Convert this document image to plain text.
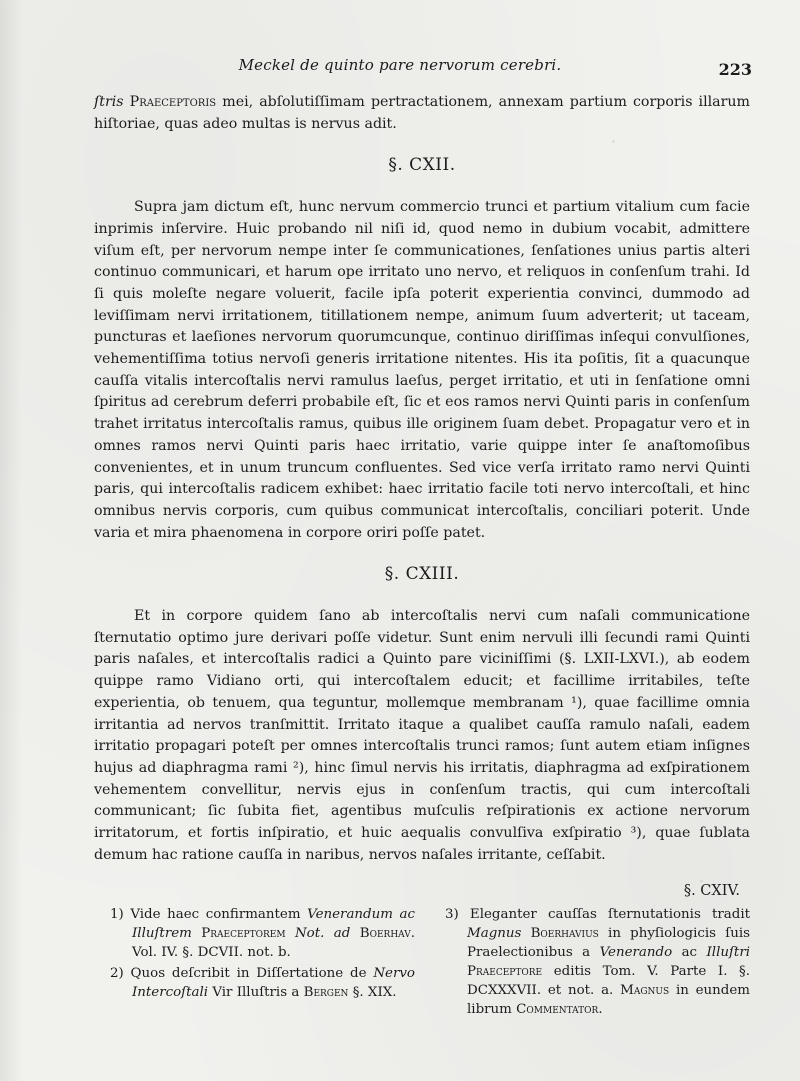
Meckel de quinto pare nervorum cerebri.	223

ſtris Praeceptoris mei, abſolutiſſimam pertractationem, annexam partium corporis illarum hiſtoriae, quas adeo multas is nervus adit.

§. CXII.

Supra jam dictum eſt, hunc nervum commercio trunci et partium vitalium cum facie inprimis inſervire. Huic probando nil niſi id, quod nemo in dubium vocabit, admittere viſum eſt, per nervorum nempe inter ſe communicationes, ſenſationes unius partis alteri continuo communicari, et harum ope irritato uno nervo, et reliquos in conſenſum trahi. Id ſi quis moleſte negare voluerit, facile ipſa poterit experientia convinci, dummodo ad leviſſimam nervi irritationem, titillationem nempe, animum ſuum adverterit; ut taceam, puncturas et laeſiones nervorum quorumcunque, continuo diriſſimas inſequi convulſiones, vehementiſſima totius nervoſi generis irritatione nitentes. His ita poſitis, ſit a quacunque cauſſa vitalis intercoſtalis nervi ramulus laeſus, perget irritatio, et uti in ſenſatione omni ſpiritus ad cerebrum deferri probabile eſt, ſic et eos ramos nervi Quinti paris in conſenſum trahet irritatus intercoſtalis ramus, quibus ille originem ſuam debet. Propagatur vero et in omnes ramos nervi Quinti paris haec irritatio, varie quippe inter ſe anaſtomoſibus convenientes, et in unum truncum confluentes. Sed vice verſa irritato ramo nervi Quinti paris, qui intercoſtalis radicem exhibet: haec irritatio facile toti nervo intercoſtali, et hinc omnibus nervis corporis, cum quibus communicat intercoſtalis, conciliari poterit. Unde varia et mira phaenomena in corpore oriri poſſe patet.

§. CXIII.

Et in corpore quidem ſano ab intercoſtalis nervi cum naſali communicatione ſternutatio optimo jure derivari poſſe videtur. Sunt enim nervuli illi ſecundi rami Quinti paris naſales, et intercoſtalis radici a Quinto pare viciniſſimi (§. LXII-LXVI.), ab eodem quippe ramo Vidiano orti, qui intercoſtalem educit; et facillime irritabiles, teſte experientia, ob tenuem, qua teguntur, mollemque membranam ¹), quae facillime omnia irritantia ad nervos tranſmittit. Irritato itaque a qualibet cauſſa ramulo naſali, eadem irritatio propagari poteſt per omnes intercoſtalis trunci ramos; ſunt autem etiam inſignes hujus ad diaphragma rami ²), hinc ſimul nervis his irritatis, diaphragma ad exſpirationem vehementem convellitur, nervis ejus in conſenſum tractis, qui cum intercoſtali communicant; ſic ſubita fiet, agentibus muſculis reſpirationis ex actione nervorum irritatorum, et fortis inſpiratio, et huic aequalis convulſiva exſpiratio ³), quae ſublata demum hac ratione cauſſa in naribus, nervos naſales irritante, ceſſabit.

§. CXIV.

1) Vide haec confirmantem Venerandum ac Illuſtrem Praeceptorem Not. ad Boerhav. Vol. IV. §. DCVII. not. b.

2) Quos deſcribit in Diſſertatione de Nervo Intercoſtali Vir Illuſtris a Bergen §. XIX.

3) Eleganter cauſſas ſternutationis tradit Magnus Boerhavius in phyſiologicis ſuis Praelectionibus a Venerando ac Illuſtri Praeceptore editis Tom. V. Parte I. §. DCXXXVII. et not. a. Magnus in eundem librum Commentator.
